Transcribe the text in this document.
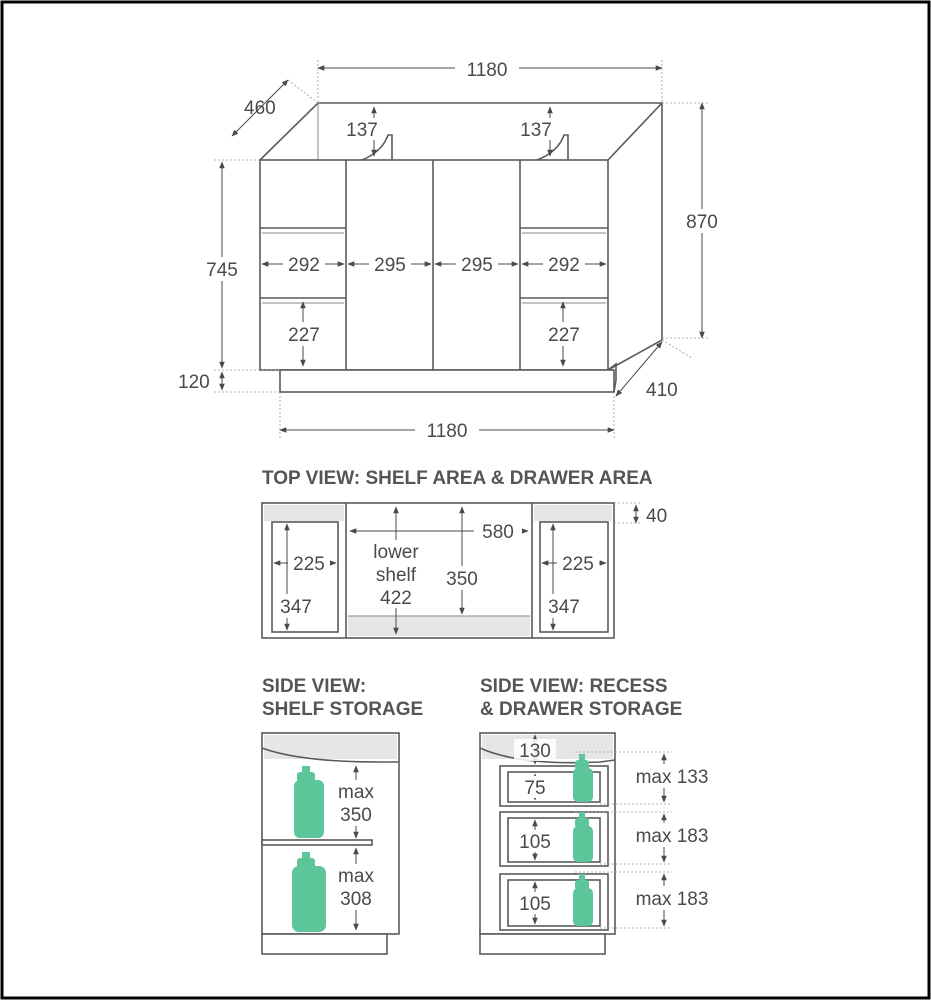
1180
460
137	137
870
745
120	410
1180
292	295	295	292
227	227
TOP VIEW: SHELF AREA & DRAWER AREA
40
580
lower
shelf
422
350
225
347
225
347
SIDE VIEW:
SHELF STORAGE
max
350
max
308
SIDE VIEW: RECESS
& DRAWER STORAGE
130
75
105
105
max 133
max 183
max 183
